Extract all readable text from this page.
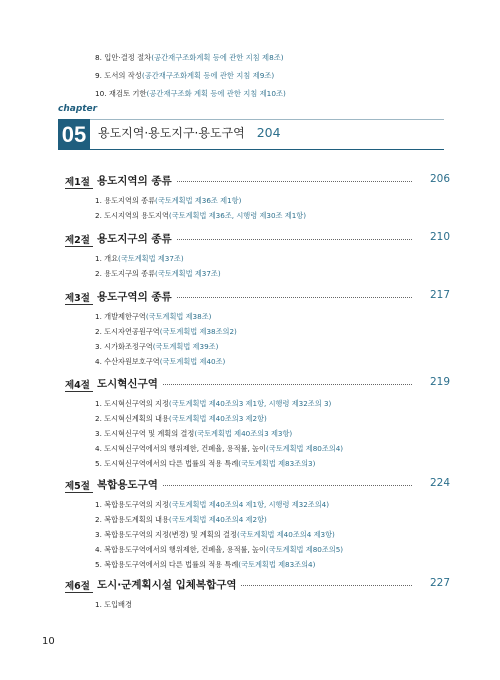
8. 입안·결정 절차(공간재구조화계획 등에 관한 지침 제8조)
9. 도서의 작성(공간재구조화계획 등에 관한 지침 제9조)
10. 재검토 기한(공간재구조화 계획 등에 관한 지침 제10조)
chapter
05 용도지역·용도지구·용도구역 204
제1절 용도지역의 종류	206
1. 용도지역의 종류(국토계획법 제36조 제1항)
2. 도시지역의 용도지역(국토계획법 제36조, 시행령 제30조 제1항)
제2절 용도지구의 종류	210
1. 개요(국토계획법 제37조)
2. 용도지구의 종류(국토계획법 제37조)
제3절 용도구역의 종류	217
1. 개발제한구역(국토계획법 제38조)
2. 도시자연공원구역(국토계획법 제38조의2)
3. 시가화조정구역(국토계획법 제39조)
4. 수산자원보호구역(국토계획법 제40조)
제4절 도시혁신구역	219
1. 도시혁신구역의 지정(국토계획법 제40조의3 제1항, 시행령 제32조의 3)
2. 도시혁신계획의 내용(국토계획법 제40조의3 제2항)
3. 도시혁신구역 및 계획의 결정(국토계획법 제40조의3 제3항)
4. 도시혁신구역에서의 행위제한, 건폐율, 용적률, 높이(국토계획법 제80조의4)
5. 도시혁신구역에서의 다른 법률의 적용 특례(국토계획법 제83조의3)
제5절 복합용도구역	224
1. 복합용도구역의 지정(국토계획법 제40조의4 제1항, 시행령 제32조의4)
2. 복합용도계획의 내용(국토계획법 제40조의4 제2항)
3. 복합용도구역의 지정(변경) 및 계획의 결정(국토계획법 제40조의4 제3항)
4. 복합용도구역에서의 행위제한, 건폐율, 용적률, 높이(국토계획법 제80조의5)
5. 복합용도구역에서의 다른 법률의 적용 특례(국토계획법 제83조의4)
제6절 도시·군계획시설 입체복합구역	227
1. 도입배경
10
